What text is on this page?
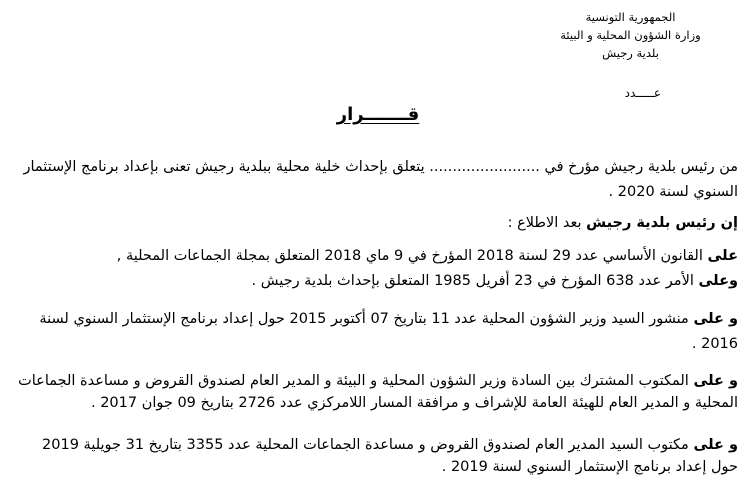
الجمهورية التونسية
وزارة الشؤون المحلية و البيئة
بلدية رجيش
عـــــدد
قـــــــرار
من رئيس بلدية رجيش مؤرخ في ........................ يتعلق بإحداث خلية محلية ببلدية رجيش تعنى بإعداد برنامج الإستثمار السنوي لسنة 2020 .
إن رئيس بلدية رجيش بعد الاطلاع :
على القانون الأساسي عدد 29 لسنة 2018 المؤرخ في 9 ماي 2018 المتعلق بمجلة الجماعات المحلية ,
وعلى الأمر عدد 638 المؤرخ في 23 أفريل 1985 المتعلق بإحداث بلدية رجيش .
و على منشور السيد وزير الشؤون المحلية عدد 11 بتاريخ 07 أكتوبر 2015 حول إعداد برنامج الإستثمار السنوي لسنة 2016 .
و على المكتوب المشترك بين السادة وزير الشؤون المحلية و البيئة و المدير العام لصندوق القروض و مساعدة الجماعات المحلية و المدير العام للهيئة العامة للإشراف و مرافقة المسار اللامركزي عدد 2726 بتاريخ 09 جوان 2017 .
و على مكتوب السيد المدير العام لصندوق القروض و مساعدة الجماعات المحلية عدد 3355 بتاريخ 31 جويلية 2019 حول إعداد برنامج الإستثمار السنوي لسنة 2019 .
